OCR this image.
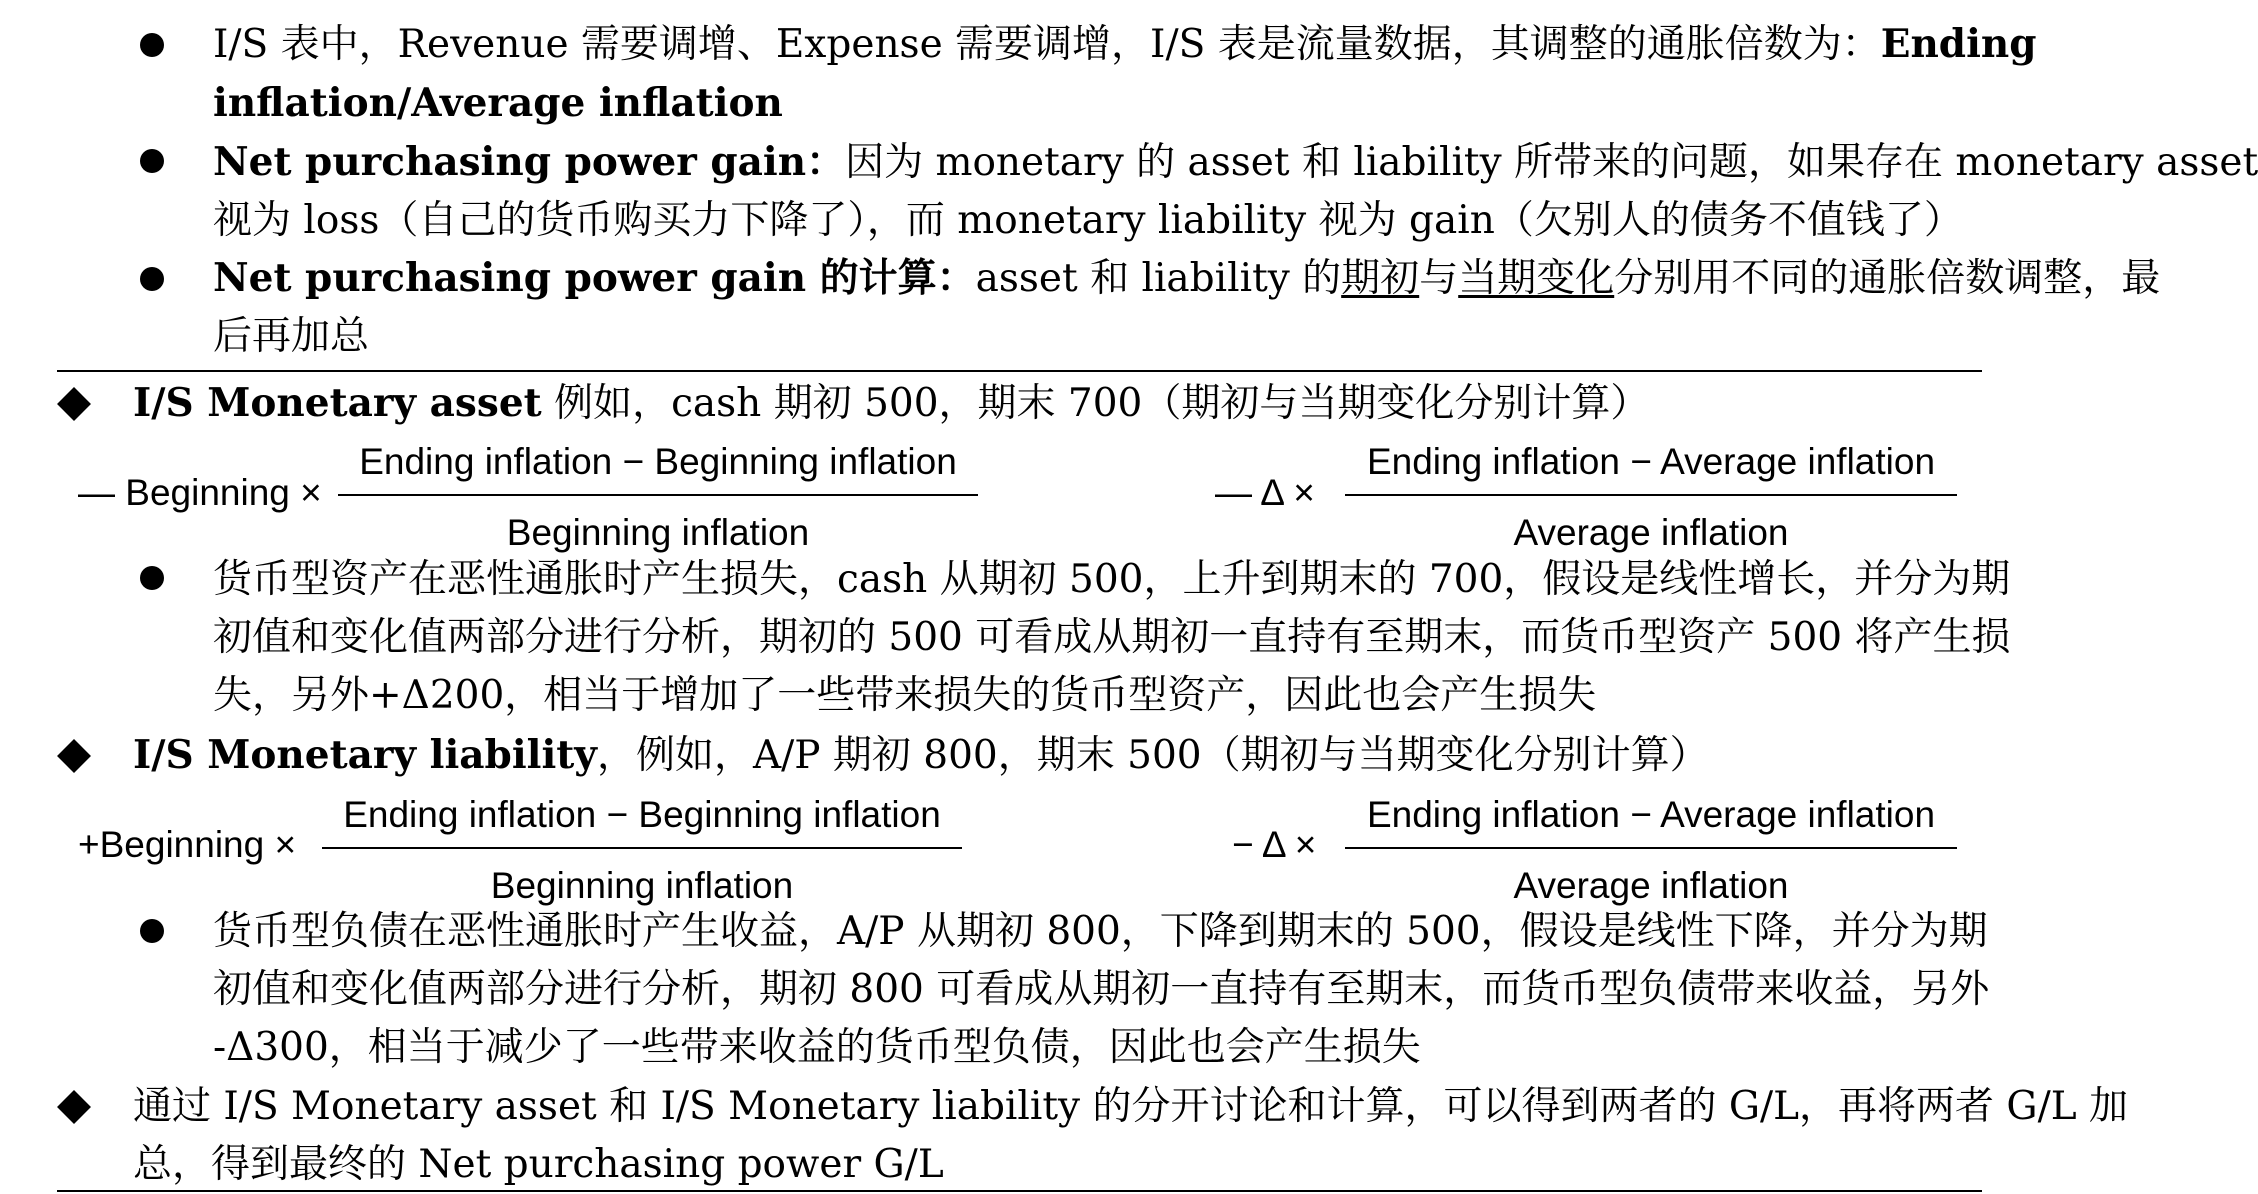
I/S 表中，Revenue 需要调增、Expense 需要调增，I/S 表是流量数据，其调整的通胀倍数为：Ending
inflation/Average inflation
Net purchasing power gain：因为 monetary 的 asset 和 liability 所带来的问题，如果存在 monetary asset
视为 loss（自己的货币购买力下降了），而 monetary liability 视为 gain（欠别人的债务不值钱了）
Net purchasing power gain 的计算：asset 和 liability 的期初与当期变化分别用不同的通胀倍数调整，最
后再加总
I/S Monetary asset 例如，cash 期初 500，期末 700（期初与当期变化分别计算）
— Beginning ×
Ending inflation − Beginning inflation
Beginning inflation
— Δ ×
Ending inflation − Average inflation
Average inflation
货币型资产在恶性通胀时产生损失，cash 从期初 500，上升到期末的 700，假设是线性增长，并分为期
初值和变化值两部分进行分析，期初的 500 可看成从期初一直持有至期末，而货币型资产 500 将产生损
失，另外+Δ200，相当于增加了一些带来损失的货币型资产，因此也会产生损失
I/S Monetary liability，例如，A/P 期初 800，期末 500（期初与当期变化分别计算）
+Beginning ×
Ending inflation − Beginning inflation
Beginning inflation
− Δ ×
Ending inflation − Average inflation
Average inflation
货币型负债在恶性通胀时产生收益，A/P 从期初 800，下降到期末的 500，假设是线性下降，并分为期
初值和变化值两部分进行分析，期初 800 可看成从期初一直持有至期末，而货币型负债带来收益，另外
-Δ300，相当于减少了一些带来收益的货币型负债，因此也会产生损失
通过 I/S Monetary asset 和 I/S Monetary liability 的分开讨论和计算，可以得到两者的 G/L，再将两者 G/L 加
总，得到最终的 Net purchasing power G/L
